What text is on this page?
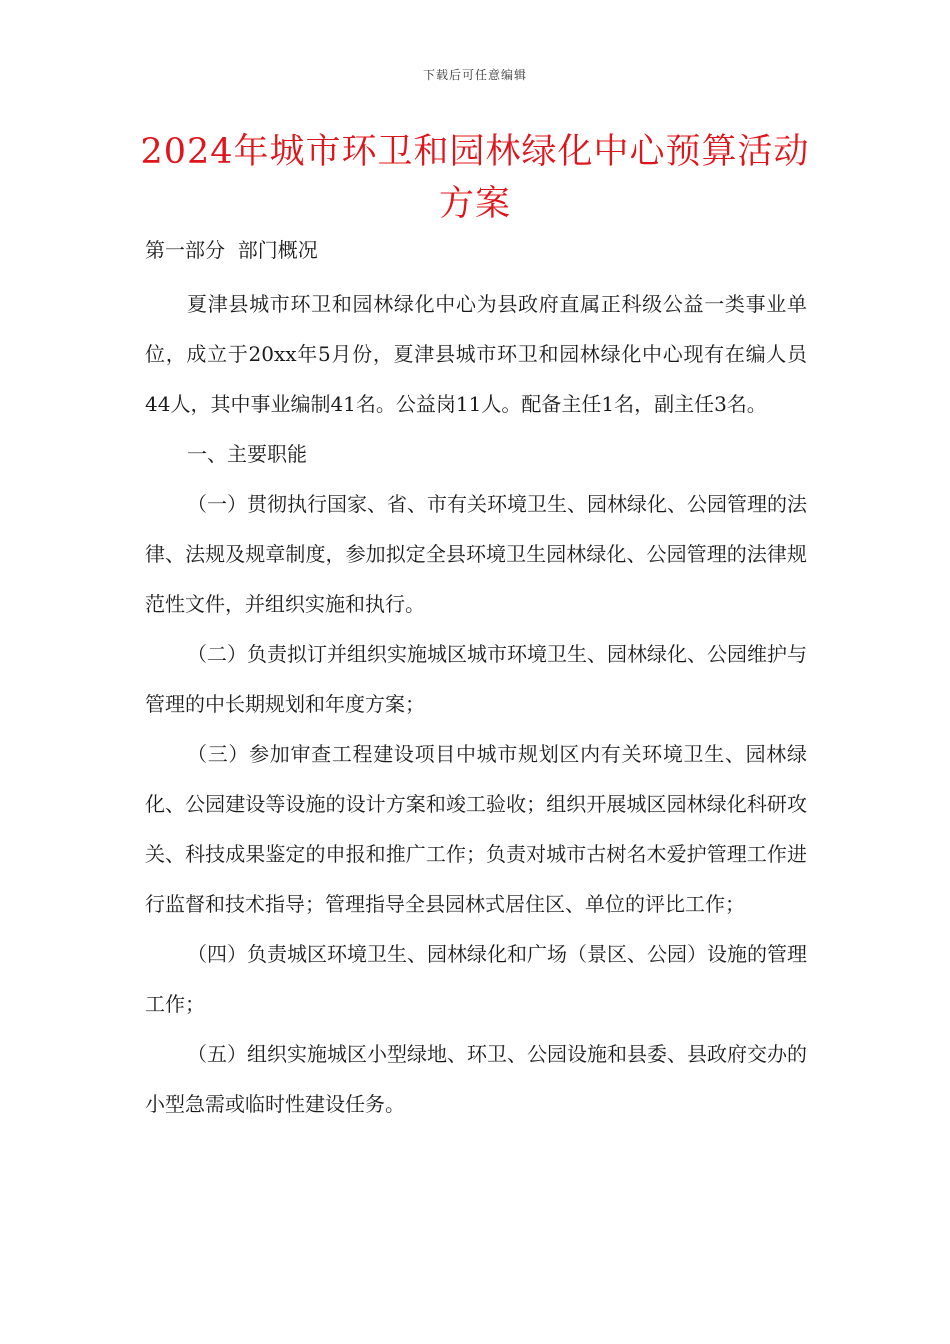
下载后可任意编辑
2024年城市环卫和园林绿化中心预算活动方案

第一部分  部门概况

夏津县城市环卫和园林绿化中心为县政府直属正科级公益一类事业单位，成立于20xx年5月份，夏津县城市环卫和园林绿化中心现有在编人员44人，其中事业编制41名。公益岗11人。配备主任1名，副主任3名。

一、主要职能

（一）贯彻执行国家、省、市有关环境卫生、园林绿化、公园管理的法律、法规及规章制度，参加拟定全县环境卫生园林绿化、公园管理的法律规范性文件，并组织实施和执行。

（二）负责拟订并组织实施城区城市环境卫生、园林绿化、公园维护与管理的中长期规划和年度方案；

（三）参加审查工程建设项目中城市规划区内有关环境卫生、园林绿化、公园建设等设施的设计方案和竣工验收；组织开展城区园林绿化科研攻关、科技成果鉴定的申报和推广工作；负责对城市古树名木爱护管理工作进行监督和技术指导；管理指导全县园林式居住区、单位的评比工作；

（四）负责城区环境卫生、园林绿化和广场（景区、公园）设施的管理工作；

（五）组织实施城区小型绿地、环卫、公园设施和县委、县政府交办的小型急需或临时性建设任务。
